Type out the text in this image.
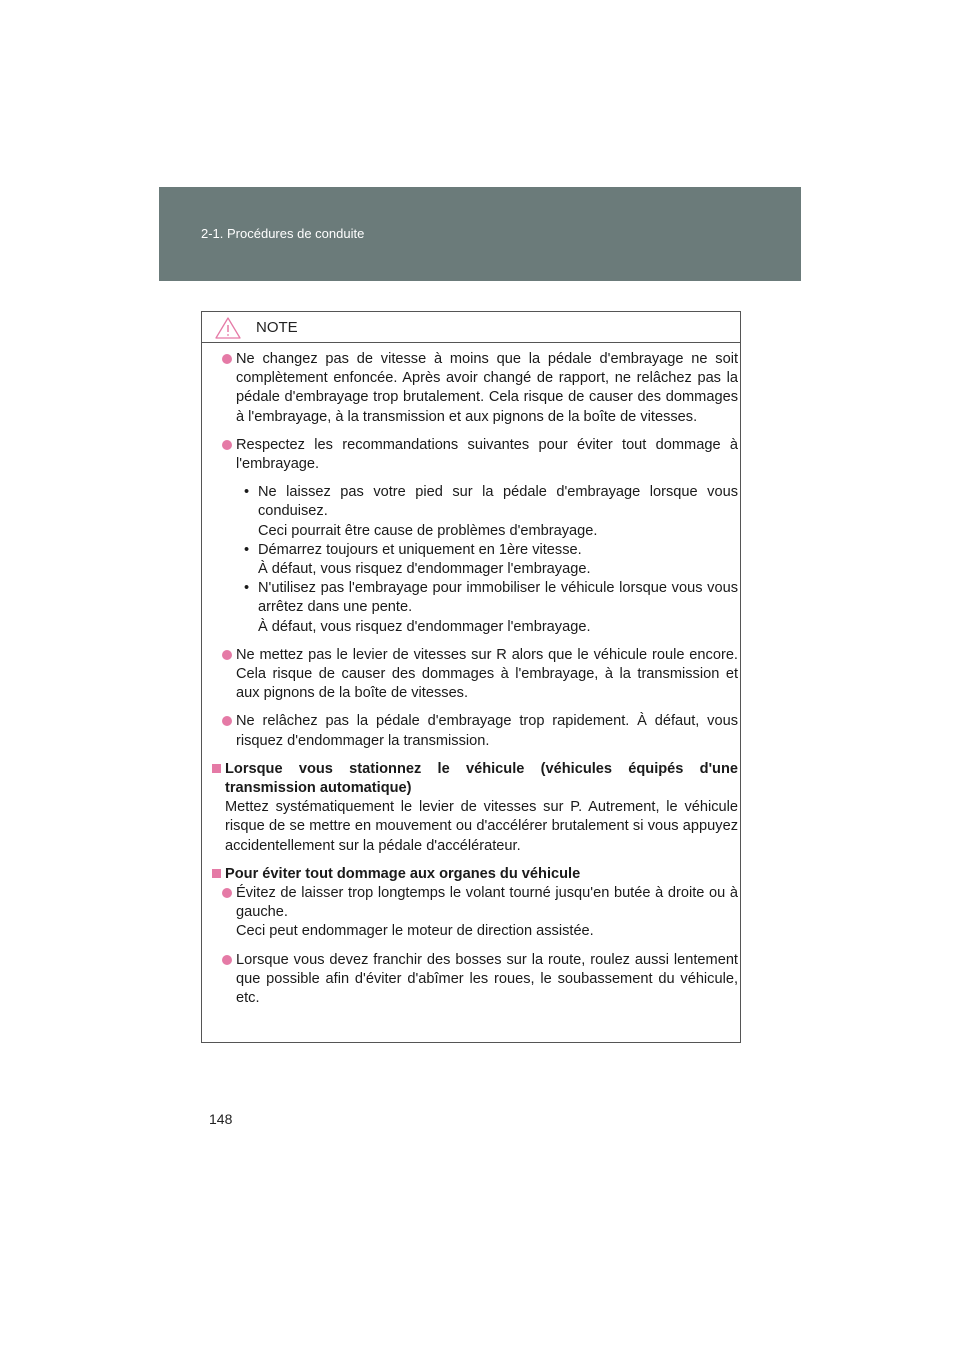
2-1. Procédures de conduite
NOTE

Ne changez pas de vitesse à moins que la pédale d'embrayage ne soit complètement enfoncée. Après avoir changé de rapport, ne relâchez pas la pédale d'embrayage trop brutalement. Cela risque de causer des dommages à l'embrayage, à la transmission et aux pignons de la boîte de vitesses.

Respectez les recommandations suivantes pour éviter tout dommage à l'embrayage.

• Ne laissez pas votre pied sur la pédale d'embrayage lorsque vous conduisez.
Ceci pourrait être cause de problèmes d'embrayage.
• Démarrez toujours et uniquement en 1ère vitesse.
À défaut, vous risquez d'endommager l'embrayage.
• N'utilisez pas l'embrayage pour immobiliser le véhicule lorsque vous vous arrêtez dans une pente.
À défaut, vous risquez d'endommager l'embrayage.

Ne mettez pas le levier de vitesses sur R alors que le véhicule roule encore. Cela risque de causer des dommages à l'embrayage, à la transmission et aux pignons de la boîte de vitesses.

Ne relâchez pas la pédale d'embrayage trop rapidement. À défaut, vous risquez d'endommager la transmission.

Lorsque vous stationnez le véhicule (véhicules équipés d'une transmission automatique)

Mettez systématiquement le levier de vitesses sur P. Autrement, le véhicule risque de se mettre en mouvement ou d'accélérer brutalement si vous appuyez accidentellement sur la pédale d'accélérateur.

Pour éviter tout dommage aux organes du véhicule

Évitez de laisser trop longtemps le volant tourné jusqu'en butée à droite ou à gauche.

Ceci peut endommager le moteur de direction assistée.

Lorsque vous devez franchir des bosses sur la route, roulez aussi lentement que possible afin d'éviter d'abîmer les roues, le soubassement du véhicule, etc.

148
